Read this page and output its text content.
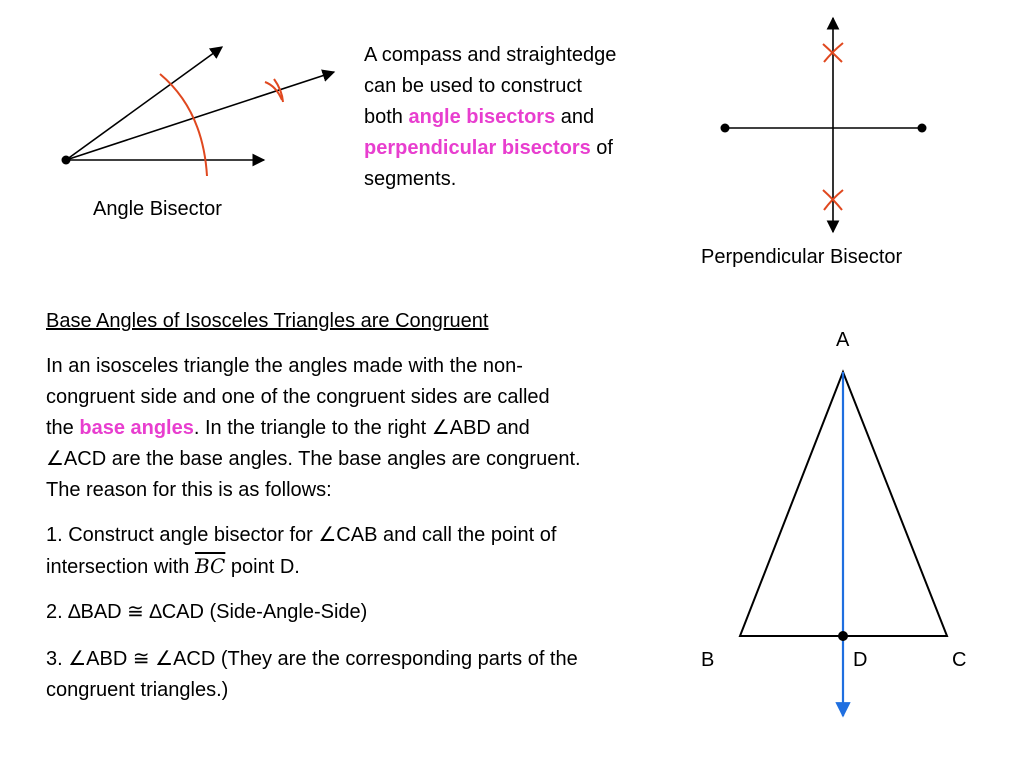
Angle Bisector
A compass and straightedge
can be used to construct
both angle bisectors and
perpendicular bisectors of
segments.
Perpendicular Bisector
Base Angles of Isosceles Triangles are Congruent
In an isosceles triangle the angles made with the non-
congruent side and one of the congruent sides are called
the base angles. In the triangle to the right ∠ABD and
∠ACD are the base angles. The base angles are congruent.
The reason for this is as follows:
1. Construct angle bisector for ∠CAB and call the point of
intersection with $\overline{BC}$ point D.
2. ∆BAD ≅ ∆CAD (Side-Angle-Side)
3. ∠ABD ≅ ∠ACD (They are the corresponding parts of the
congruent triangles.)
A
B	D	C
